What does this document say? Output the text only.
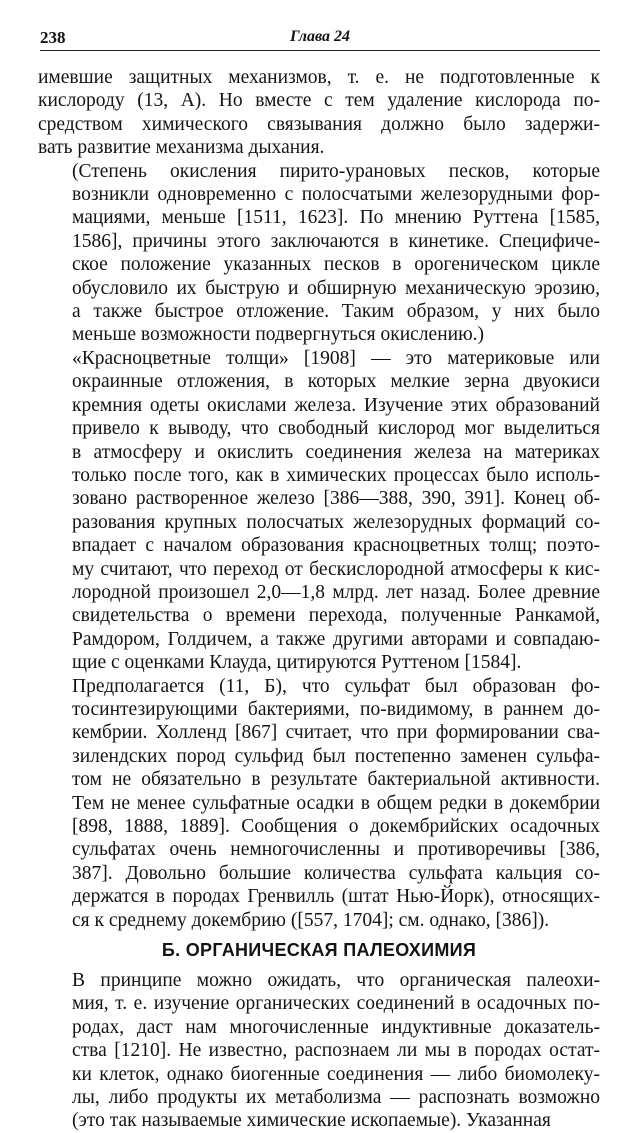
238	Глава 24

имевшие защитных механизмов, т. е. не подготовленные к
кислороду (13, А). Но вместе с тем удаление кислорода по-
средством химического связывания должно было задержи-
вать развитие механизма дыхания.

(Степень окисления пирито-урановых песков, которые
возникли одновременно с полосчатыми железорудными фор-
мациями, меньше [1511, 1623]. По мнению Руттена [1585,
1586], причины этого заключаются в кинетике. Специфиче-
ское положение указанных песков в орогеническом цикле
обусловило их быструю и обширную механическую эрозию,
а также быстрое отложение. Таким образом, у них было
меньше возможности подвергнуться окислению.)

«Красноцветные толщи» [1908] — это материковые или
окраинные отложения, в которых мелкие зерна двуокиси
кремния одеты окислами железа. Изучение этих образований
привело к выводу, что свободный кислород мог выделиться
в атмосферу и окислить соединения железа на материках
только после того, как в химических процессах было исполь-
зовано растворенное железо [386—388, 390, 391]. Конец об-
разования крупных полосчатых железорудных формаций со-
впадает с началом образования красноцветных толщ; поэто-
му считают, что переход от бескислородной атмосферы к кис-
лородной произошел 2,0—1,8 млрд. лет назад. Более древние
свидетельства о времени перехода, полученные Ранкамой,
Рамдором, Голдичем, а также другими авторами и совпадаю-
щие с оценками Клауда, цитируются Руттеном [1584].

Предполагается (11, Б), что сульфат был образован фо-
тосинтезирующими бактериями, по-видимому, в раннем до-
кембрии. Холленд [867] считает, что при формировании сва-
зилендских пород сульфид был постепенно заменен сульфа-
том не обязательно в результате бактериальной активности.
Тем не менее сульфатные осадки в общем редки в докембрии
[898, 1888, 1889]. Сообщения о докембрийских осадочных
сульфатах очень немногочисленны и противоречивы [386,
387]. Довольно большие количества сульфата кальция со-
держатся в породах Гренвилль (штат Нью-Йорк), относящих-
ся к среднему докембрию ([557, 1704]; см. однако, [386]).

Б. ОРГАНИЧЕСКАЯ ПАЛЕОХИМИЯ

В принципе можно ожидать, что органическая палеохи-
мия, т. е. изучение органических соединений в осадочных по-
родах, даст нам многочисленные индуктивные доказатель-
ства [1210]. Не известно, распознаем ли мы в породах остат-
ки клеток, однако биогенные соединения — либо биомолеку-
лы, либо продукты их метаболизма — распознать возможно
(это так называемые химические ископаемые). Указанная
